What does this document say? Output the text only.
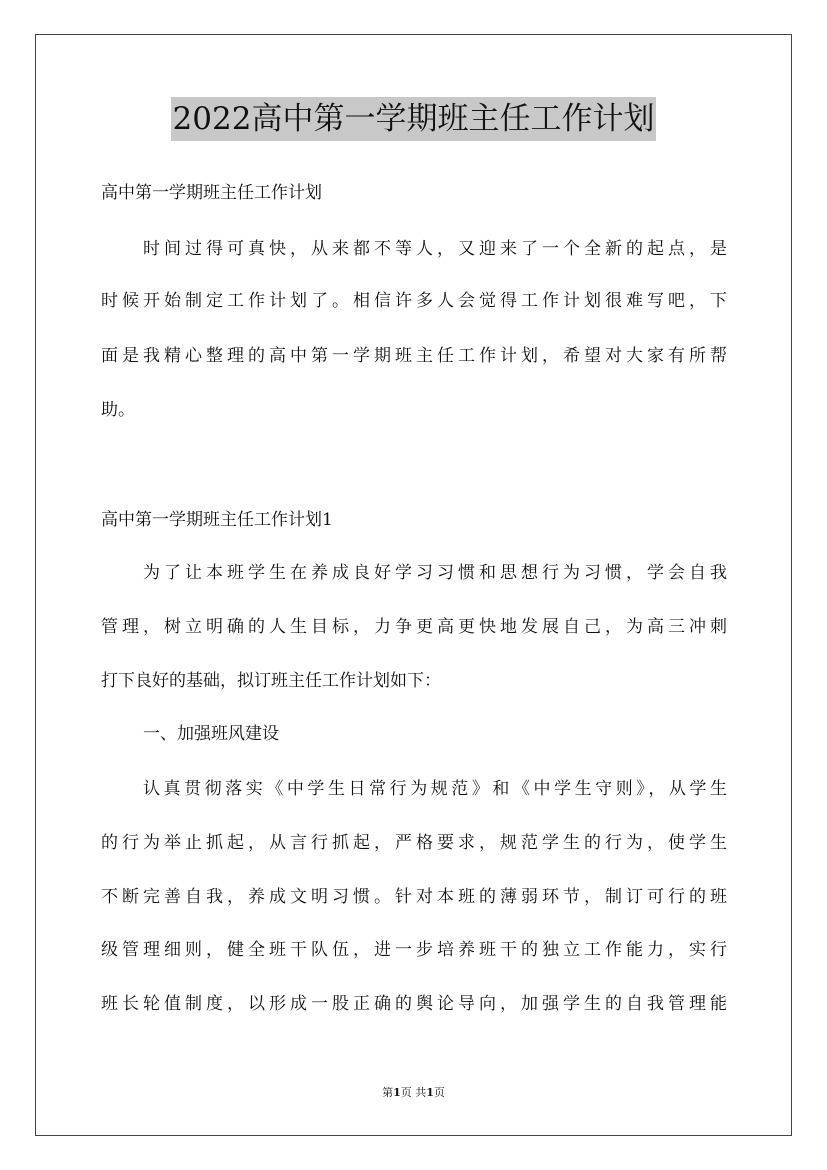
2022高中第一学期班主任工作计划

高中第一学期班主任工作计划

时间过得可真快，从来都不等人，又迎来了一个全新的起点，是

时候开始制定工作计划了。相信许多人会觉得工作计划很难写吧，下

面是我精心整理的高中第一学期班主任工作计划，希望对大家有所帮

助。

高中第一学期班主任工作计划1

为了让本班学生在养成良好学习习惯和思想行为习惯，学会自我

管理，树立明确的人生目标，力争更高更快地发展自己，为高三冲刺

打下良好的基础，拟订班主任工作计划如下：

一、加强班风建设

认真贯彻落实《中学生日常行为规范》和《中学生守则》，从学生

的行为举止抓起，从言行抓起，严格要求，规范学生的行为，使学生

不断完善自我，养成文明习惯。针对本班的薄弱环节，制订可行的班

级管理细则，健全班干队伍，进一步培养班干的独立工作能力，实行

班长轮值制度，以形成一股正确的舆论导向，加强学生的自我管理能

第1页 共1页
